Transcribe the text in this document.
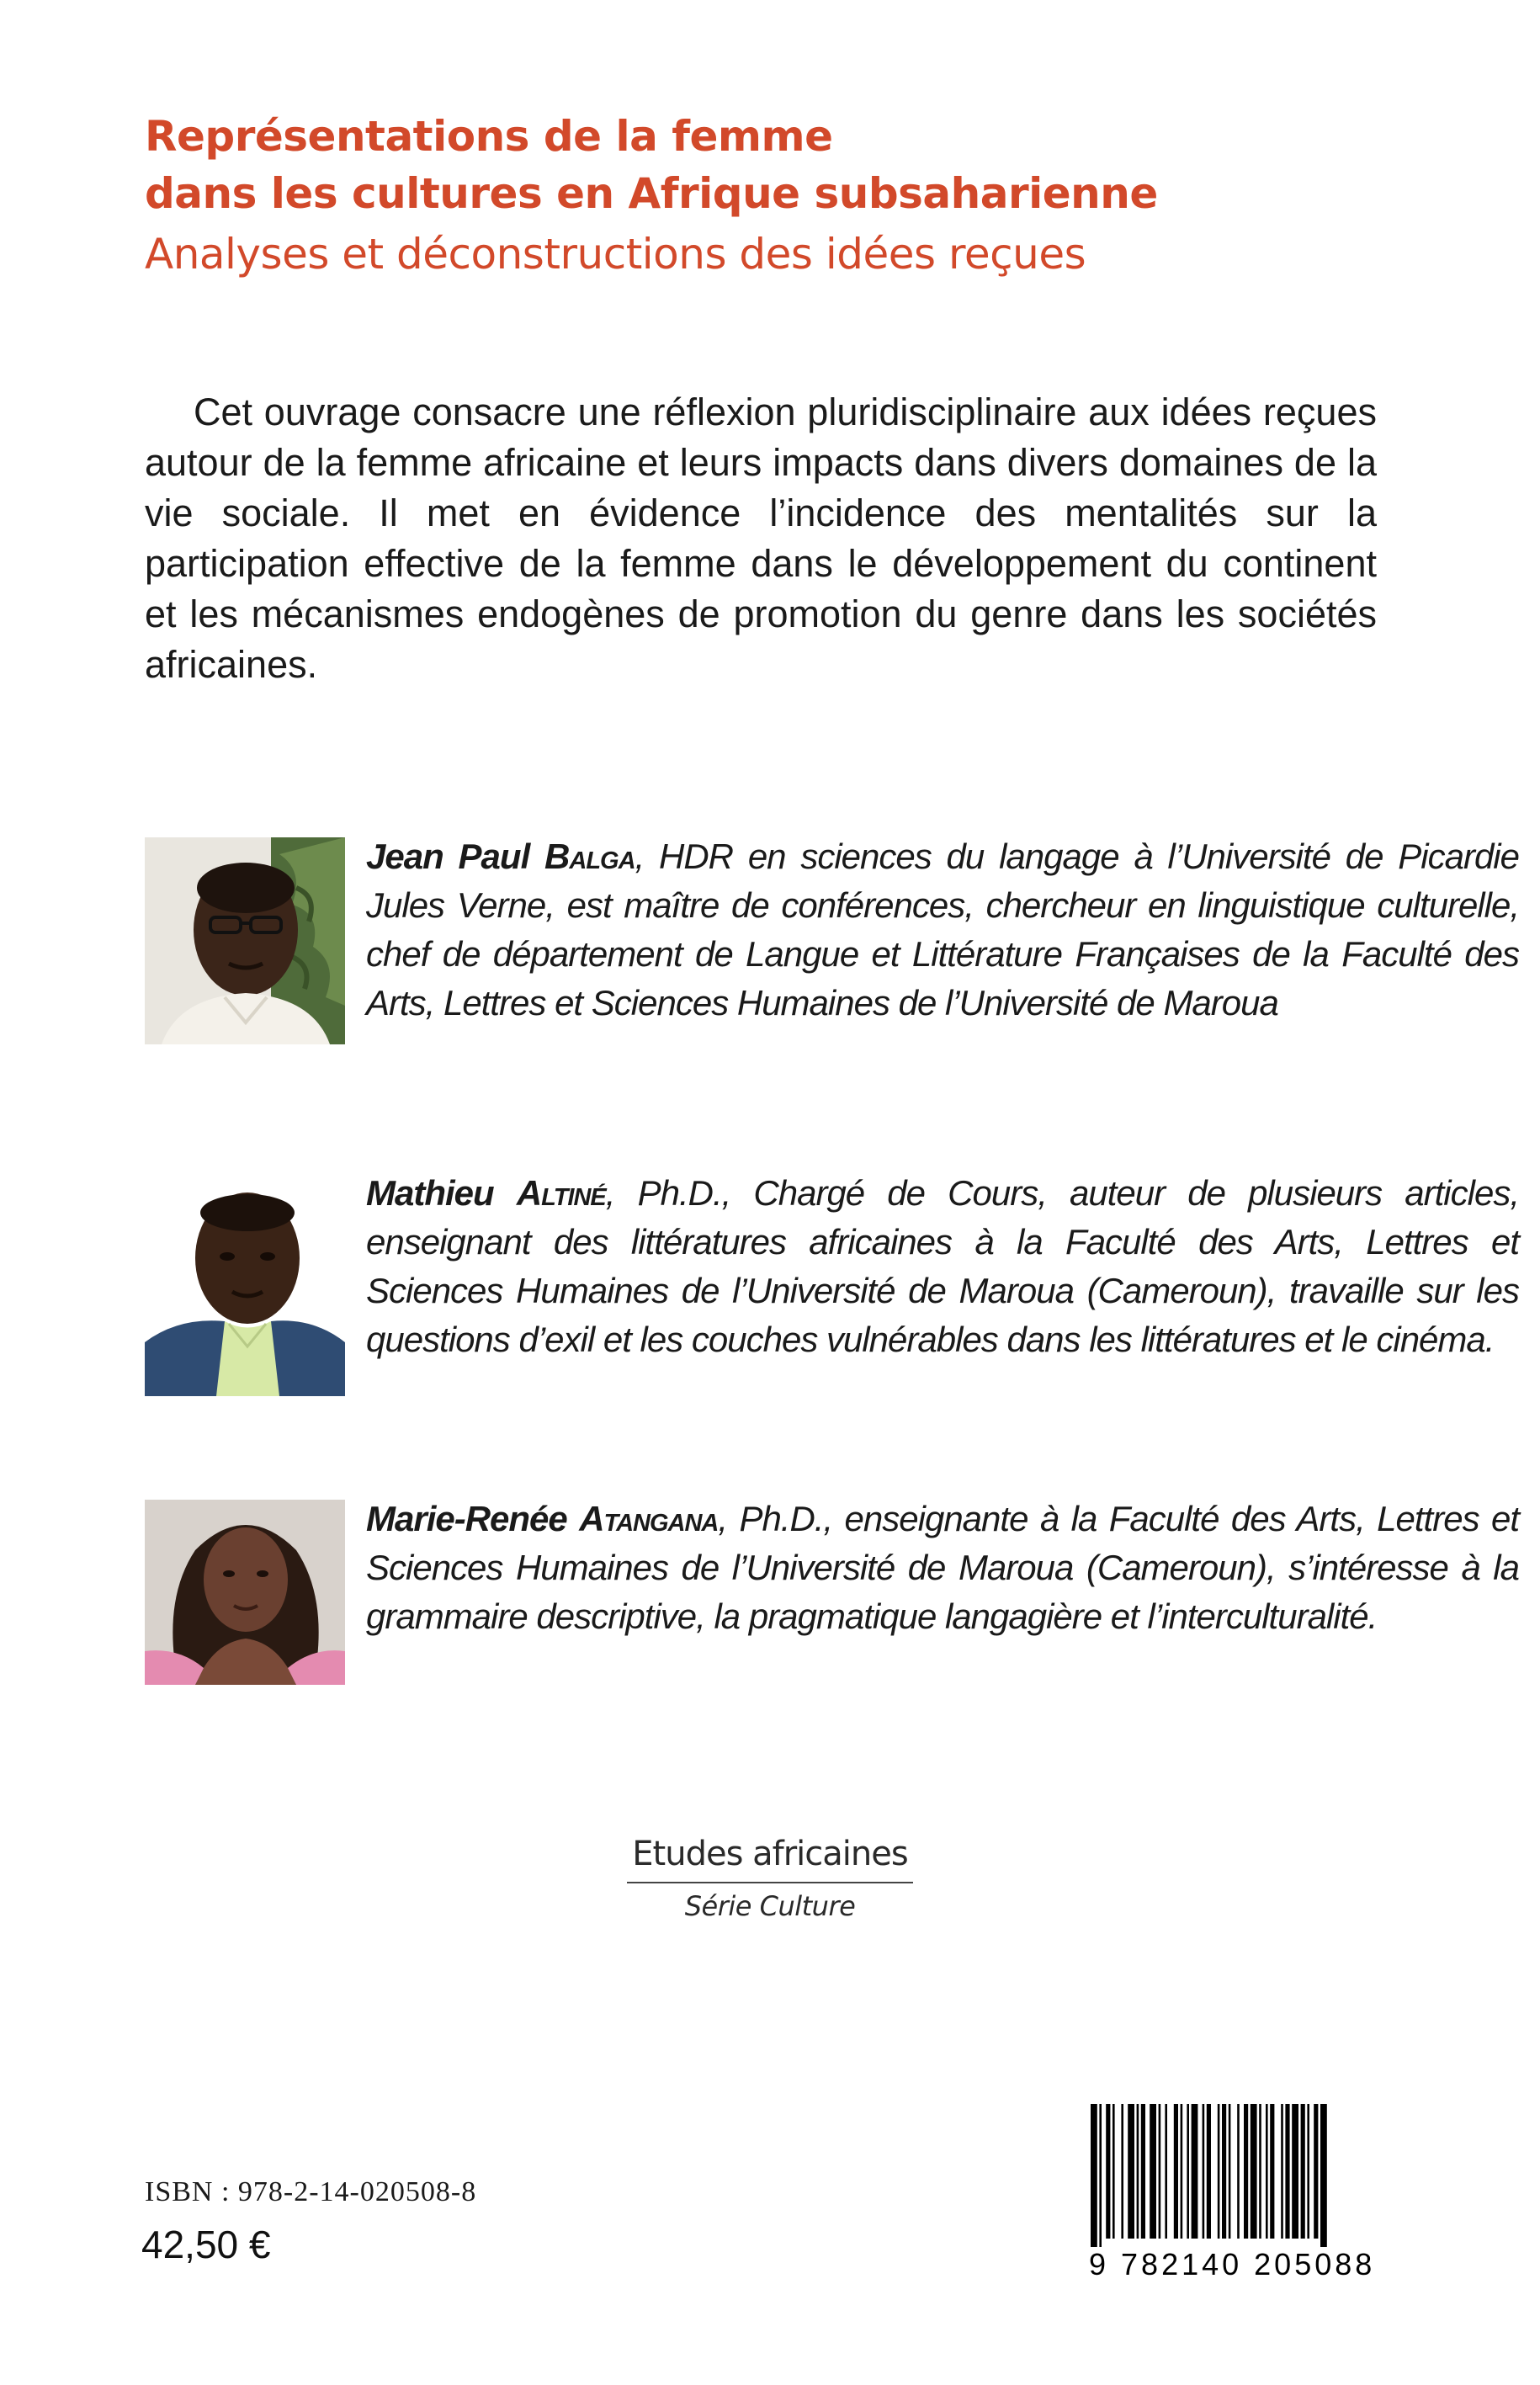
Représentations de la femme
dans les cultures en Afrique subsaharienne
Analyses et déconstructions des idées reçues
Cet ouvrage consacre une réflexion pluridisciplinaire aux idées reçues autour de la femme africaine et leurs impacts dans divers domaines de la vie sociale. Il met en évidence l’incidence des mentalités sur la participation effective de la femme dans le développement du continent et les mécanismes endogènes de promotion du genre dans les sociétés africaines.
Jean Paul Balga, HDR en sciences du langage à l’Université de Picardie Jules Verne, est maître de conférences, chercheur en linguistique culturelle, chef de département de Langue et Littérature Françaises de la Faculté des Arts, Lettres et Sciences Humaines de l’Université de Maroua
Mathieu Altiné, Ph.D., Chargé de Cours, auteur de plusieurs articles, enseignant des littératures africaines à la Faculté des Arts, Lettres et Sciences Humaines de l’Université de Maroua (Cameroun), travaille sur les questions d’exil et les couches vulnérables dans les littératures et le cinéma.
Marie-Renée Atangana, Ph.D., enseignante à la Faculté des Arts, Lettres et Sciences Humaines de l’Université de Maroua (Cameroun), s’intéresse à la grammaire descriptive, la pragmatique langagière et l’interculturalité.
Etudes africaines
Série Culture
ISBN : 978-2-14-020508-8
42,50 €	9 782140 205088
